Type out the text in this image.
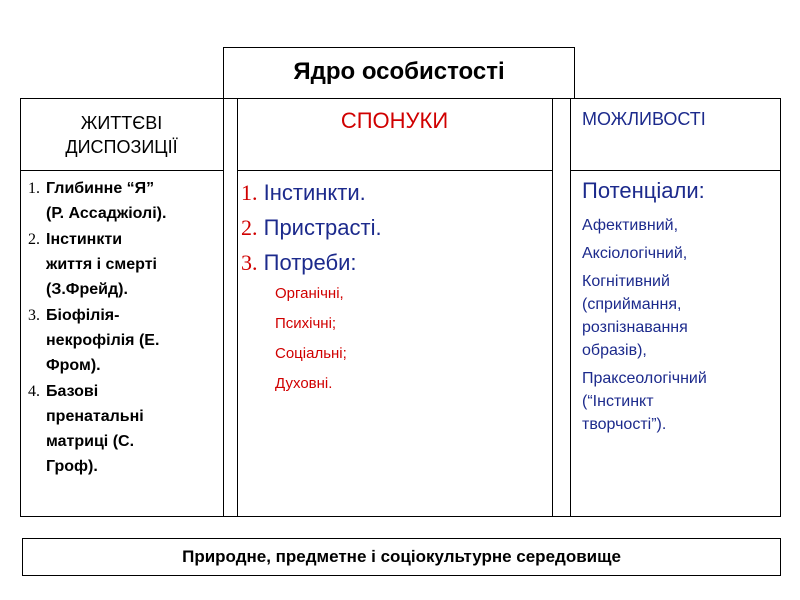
Ядро особистості
ЖИТТЄВІ
ДИСПОЗИЦІЇ
СПОНУКИ	МОЖЛИВОСТІ
1. Глибинне “Я”
(Р. Ассаджіолі).
2. Інстинкти
життя і смерті
(З.Фрейд).
3. Біофілія-
некрофілія (Е.
Фром).
4. Базові
пренатальні
матриці (С.
Гроф).
1. Інстинкти.
2. Пристрасті.
3. Потреби:
Органічні,
Психічні;
Соціальні;
Духовні.
Потенціали:
Афективний,
Аксіологічний,
Когнітивний
(сприймання,
розпізнавання
образів),
Праксеологічний
(“Інстинкт
творчості”).
Природне, предметне і соціокультурне середовище
